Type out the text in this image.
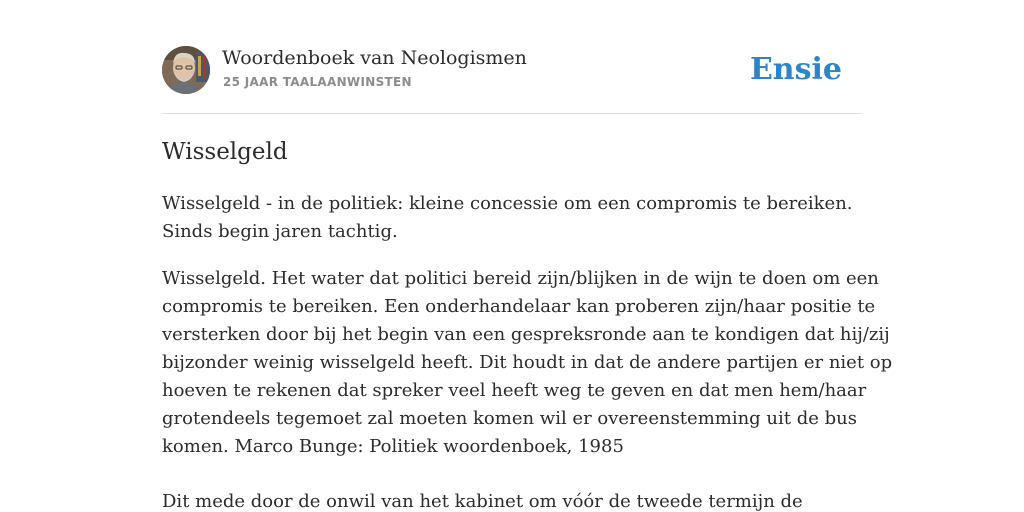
Woordenboek van Neologismen
25 JAAR TAALAANWINSTEN	Ensie
Wisselgeld

Wisselgeld - in de politiek: kleine concessie om een compromis te bereiken.
Sinds begin jaren tachtig.

Wisselgeld. Het water dat politici bereid zijn/blijken in de wijn te doen om een
compromis te bereiken. Een onderhandelaar kan proberen zijn/haar positie te
versterken door bij het begin van een gespreksronde aan te kondigen dat hij/zij
bijzonder weinig wisselgeld heeft. Dit houdt in dat de andere partijen er niet op
hoeven te rekenen dat spreker veel heeft weg te geven en dat men hem/haar
grotendeels tegemoet zal moeten komen wil er overeenstemming uit de bus
komen. Marco Bunge: Politiek woordenboek, 1985

Dit mede door de onwil van het kabinet om vóór de tweede termijn de
